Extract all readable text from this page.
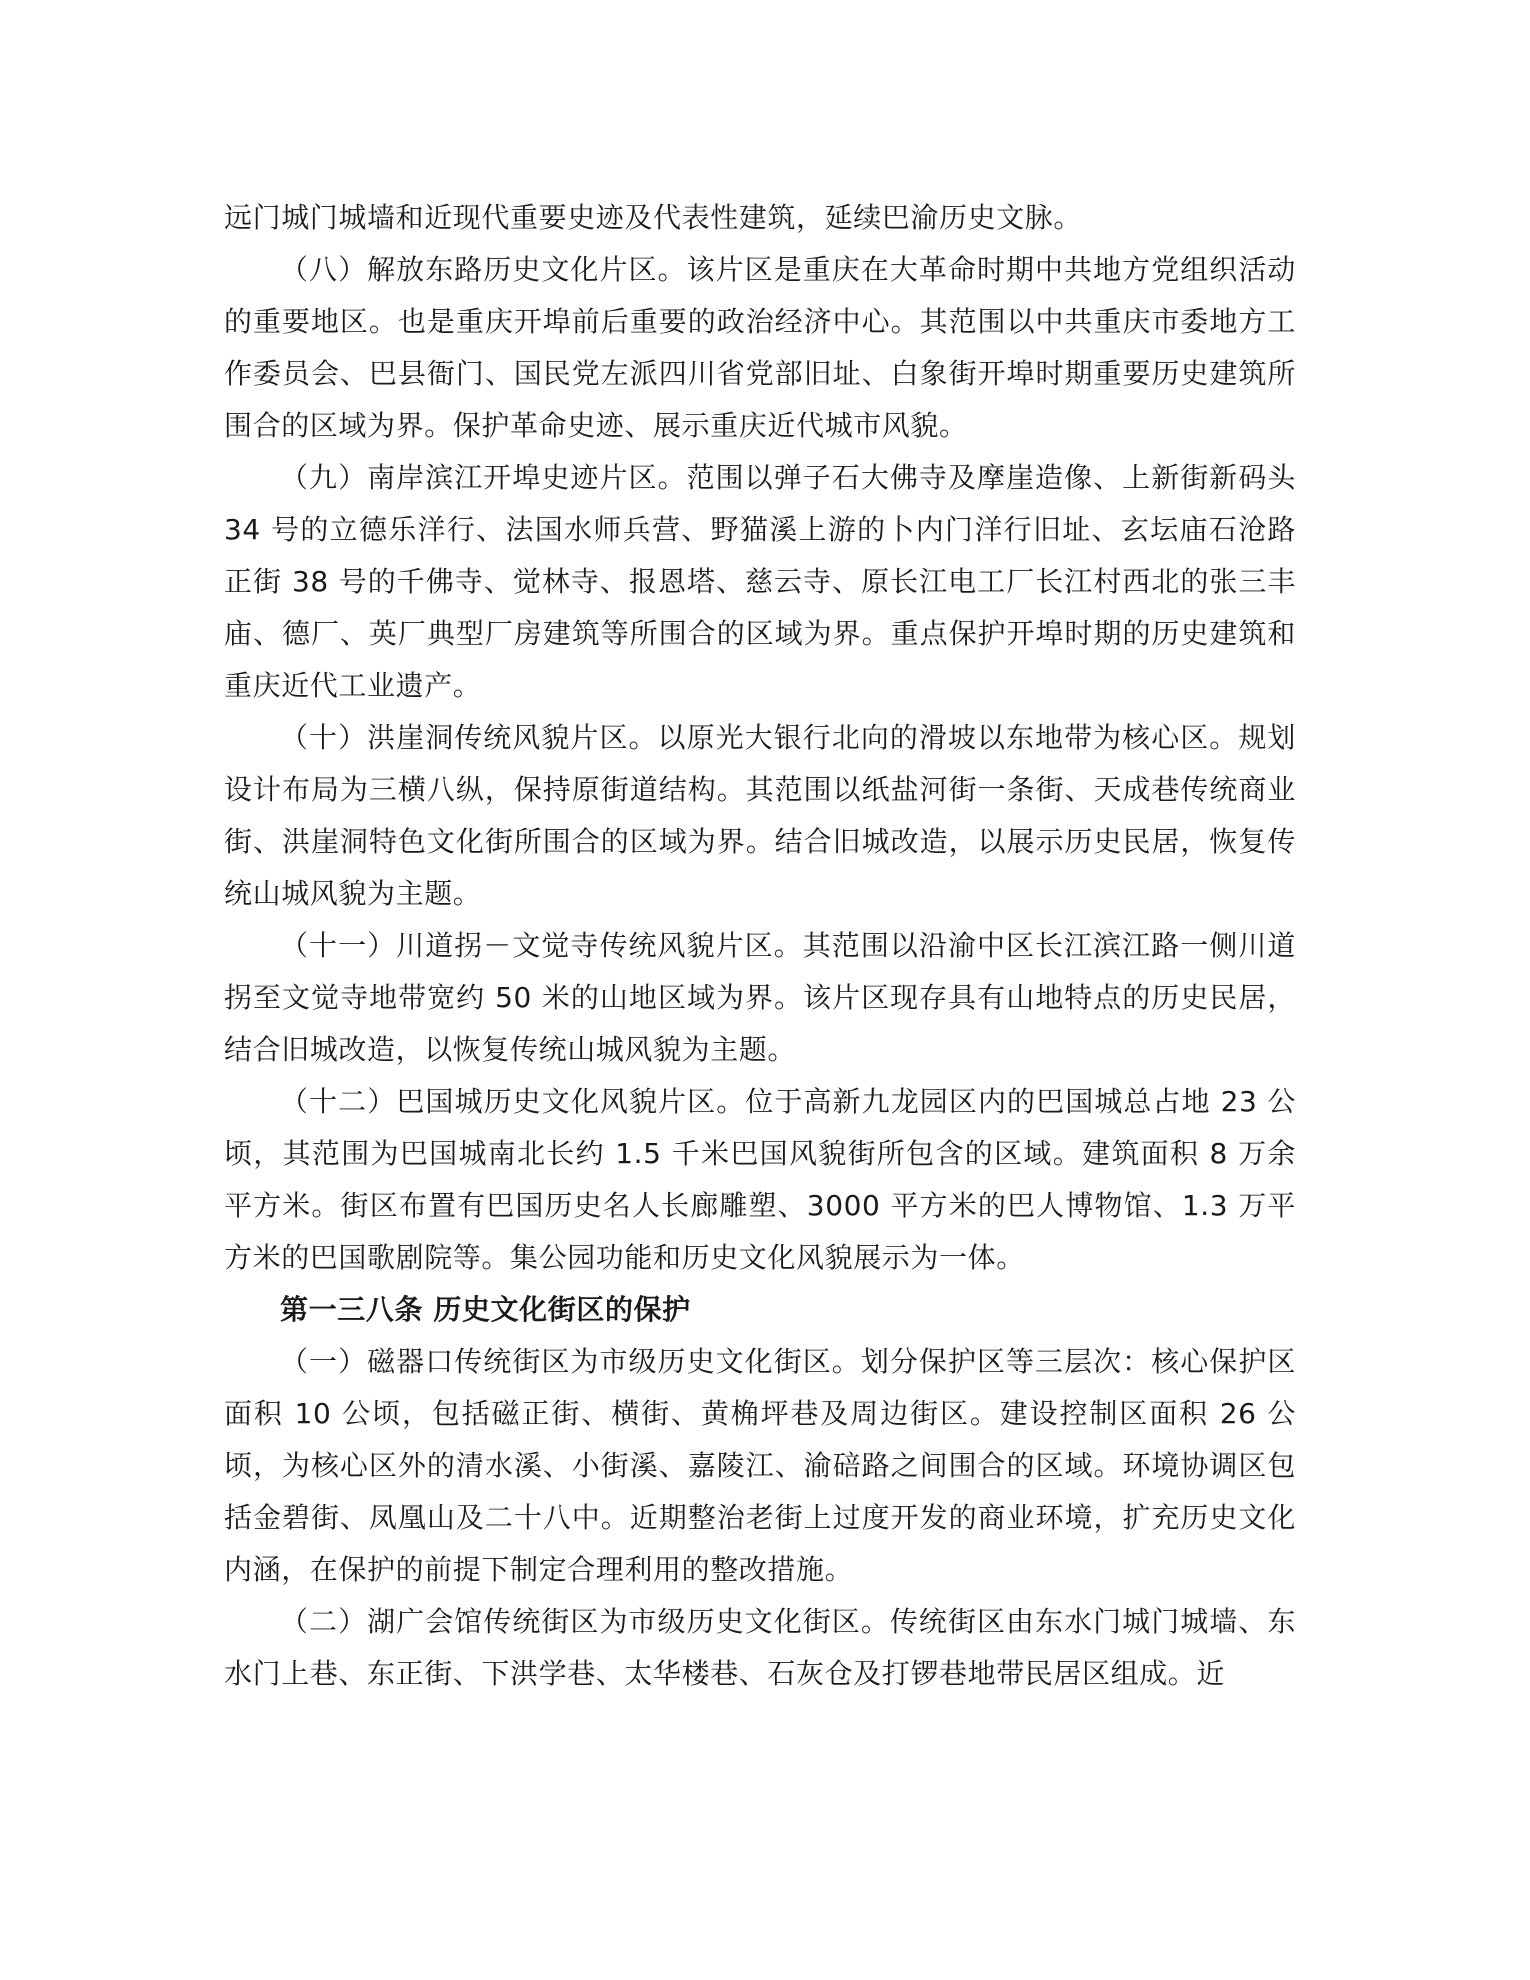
远门城门城墙和近现代重要史迹及代表性建筑，延续巴渝历史文脉。

（八）解放东路历史文化片区。该片区是重庆在大革命时期中共地方党组织活动的重要地区。也是重庆开埠前后重要的政治经济中心。其范围以中共重庆市委地方工作委员会、巴县衙门、国民党左派四川省党部旧址、白象街开埠时期重要历史建筑所围合的区域为界。保护革命史迹、展示重庆近代城市风貌。

（九）南岸滨江开埠史迹片区。范围以弹子石大佛寺及摩崖造像、上新街新码头 34 号的立德乐洋行、法国水师兵营、野猫溪上游的卜内门洋行旧址、玄坛庙石沧路正街 38 号的千佛寺、觉林寺、报恩塔、慈云寺、原长江电工厂长江村西北的张三丰庙、德厂、英厂典型厂房建筑等所围合的区域为界。重点保护开埠时期的历史建筑和重庆近代工业遗产。

（十）洪崖洞传统风貌片区。以原光大银行北向的滑坡以东地带为核心区。规划设计布局为三横八纵，保持原街道结构。其范围以纸盐河街一条街、天成巷传统商业街、洪崖洞特色文化街所围合的区域为界。结合旧城改造，以展示历史民居，恢复传统山城风貌为主题。

（十一）川道拐－文觉寺传统风貌片区。其范围以沿渝中区长江滨江路一侧川道拐至文觉寺地带宽约 50 米的山地区域为界。该片区现存具有山地特点的历史民居，结合旧城改造，以恢复传统山城风貌为主题。

（十二）巴国城历史文化风貌片区。位于高新九龙园区内的巴国城总占地 23 公顷，其范围为巴国城南北长约 1.5 千米巴国风貌街所包含的区域。建筑面积 8 万余平方米。街区布置有巴国历史名人长廊雕塑、3000 平方米的巴人博物馆、1.3 万平方米的巴国歌剧院等。集公园功能和历史文化风貌展示为一体。

第一三八条 历史文化街区的保护

（一）磁器口传统街区为市级历史文化街区。划分保护区等三层次：核心保护区面积 10 公顷，包括磁正街、横街、黄桷坪巷及周边街区。建设控制区面积 26 公顷，为核心区外的清水溪、小街溪、嘉陵江、渝碚路之间围合的区域。环境协调区包括金碧街、凤凰山及二十八中。近期整治老街上过度开发的商业环境，扩充历史文化内涵，在保护的前提下制定合理利用的整改措施。

（二）湖广会馆传统街区为市级历史文化街区。传统街区由东水门城门城墙、东水门上巷、东正街、下洪学巷、太华楼巷、石灰仓及打锣巷地带民居区组成。近
